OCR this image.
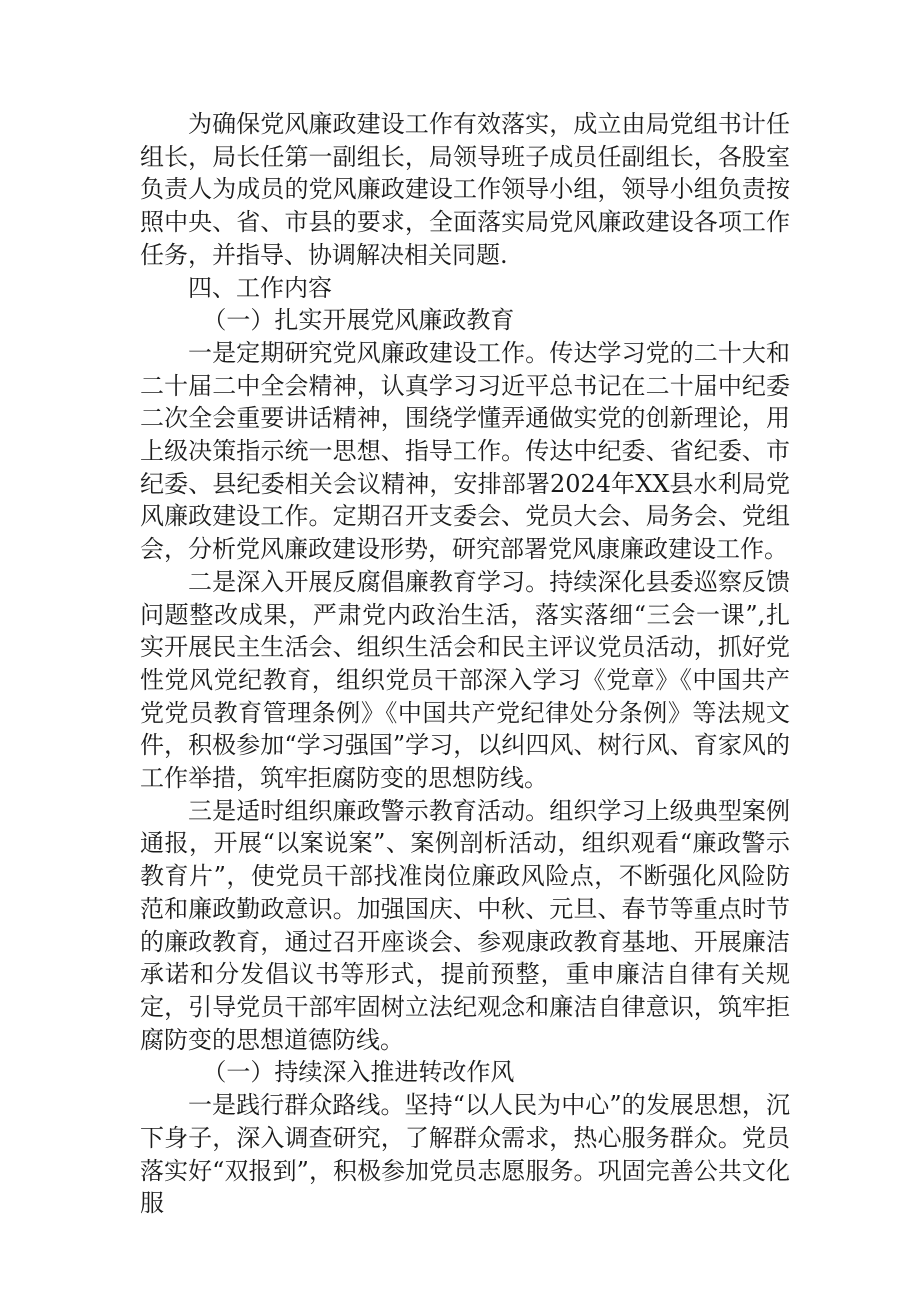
为确保党风廉政建设工作有效落实，成立由局党组书计任组长，局长任第一副组长，局领导班子成员任副组长，各股室负责人为成员的党风廉政建设工作领导小组，领导小组负责按照中央、省、市县的要求，全面落实局党风廉政建设各项工作任务，并指导、协调解决相关同题.

四、工作内容

（一）扎实开展党风廉政教育

一是定期研究党风廉政建设工作。传达学习党的二十大和二十届二中全会精神，认真学习习近平总书记在二十届中纪委二次全会重要讲话精神，围绕学懂弄通做实党的创新理论，用上级决策指示统一思想、指导工作。传达中纪委、省纪委、市纪委、县纪委相关会议精神，安排部署2024年XX县水利局党风廉政建设工作。定期召开支委会、党员大会、局务会、党组会，分析党风廉政建设形势，研究部署党风康廉政建设工作。

二是深入开展反腐倡廉教育学习。持续深化县委巡察反馈问题整改成果，严肃党内政治生活，落实落细“三会一课”,扎实开展民主生活会、组织生活会和民主评议党员活动，抓好党性党风党纪教育，组织党员干部深入学习《党章》《中国共产党党员教育管理条例》《中国共产党纪律处分条例》等法规文件，积极参加“学习强国”学习，以纠四风、树行风、育家风的工作举措，筑牢拒腐防变的思想防线。

三是适时组织廉政警示教育活动。组织学习上级典型案例通报，开展“以案说案”、案例剖析活动，组织观看“廉政警示教育片”，使党员干部找准岗位廉政风险点，不断强化风险防范和廉政勤政意识。加强国庆、中秋、元旦、春节等重点时节的廉政教育，通过召开座谈会、参观康政教育基地、开展廉洁承诺和分发倡议书等形式，提前预整，重申廉洁自律有关规定，引导党员干部牢固树立法纪观念和廉洁自律意识，筑牢拒腐防变的思想道德防线。

（一）持续深入推进转改作风

一是践行群众路线。坚持“以人民为中心”的发展思想，沉下身子，深入调查研究，了解群众需求，热心服务群众。党员落实好“双报到”，积极参加党员志愿服务。巩固完善公共文化服
